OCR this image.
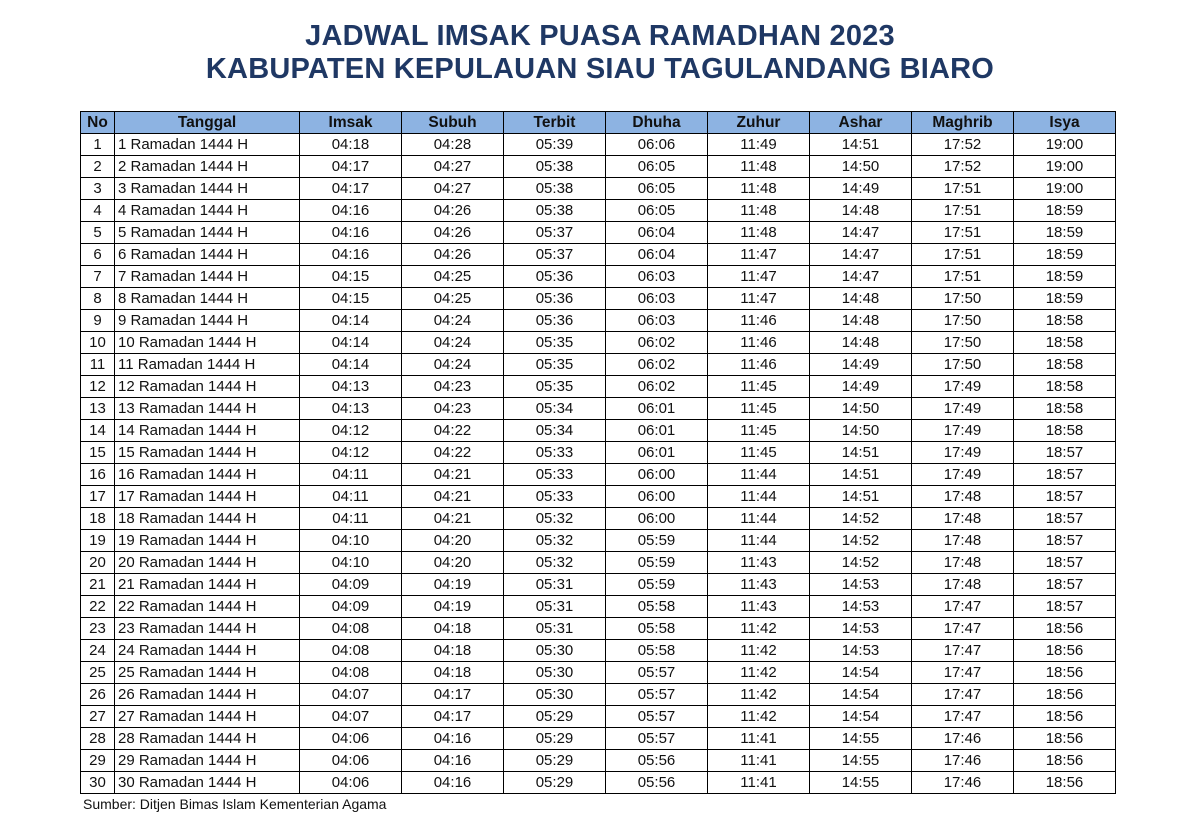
JADWAL IMSAK PUASA RAMADHAN 2023
KABUPATEN KEPULAUAN SIAU TAGULANDANG BIARO
No	Tanggal	Imsak	Subuh	Terbit	Dhuha	Zuhur	Ashar	Maghrib	Isya
1	1 Ramadan 1444 H	04:18	04:28	05:39	06:06	11:49	14:51	17:52	19:00
2	2 Ramadan 1444 H	04:17	04:27	05:38	06:05	11:48	14:50	17:52	19:00
3	3 Ramadan 1444 H	04:17	04:27	05:38	06:05	11:48	14:49	17:51	19:00
4	4 Ramadan 1444 H	04:16	04:26	05:38	06:05	11:48	14:48	17:51	18:59
5	5 Ramadan 1444 H	04:16	04:26	05:37	06:04	11:48	14:47	17:51	18:59
6	6 Ramadan 1444 H	04:16	04:26	05:37	06:04	11:47	14:47	17:51	18:59
7	7 Ramadan 1444 H	04:15	04:25	05:36	06:03	11:47	14:47	17:51	18:59
8	8 Ramadan 1444 H	04:15	04:25	05:36	06:03	11:47	14:48	17:50	18:59
9	9 Ramadan 1444 H	04:14	04:24	05:36	06:03	11:46	14:48	17:50	18:58
10	10 Ramadan 1444 H	04:14	04:24	05:35	06:02	11:46	14:48	17:50	18:58
11	11 Ramadan 1444 H	04:14	04:24	05:35	06:02	11:46	14:49	17:50	18:58
12	12 Ramadan 1444 H	04:13	04:23	05:35	06:02	11:45	14:49	17:49	18:58
13	13 Ramadan 1444 H	04:13	04:23	05:34	06:01	11:45	14:50	17:49	18:58
14	14 Ramadan 1444 H	04:12	04:22	05:34	06:01	11:45	14:50	17:49	18:58
15	15 Ramadan 1444 H	04:12	04:22	05:33	06:01	11:45	14:51	17:49	18:57
16	16 Ramadan 1444 H	04:11	04:21	05:33	06:00	11:44	14:51	17:49	18:57
17	17 Ramadan 1444 H	04:11	04:21	05:33	06:00	11:44	14:51	17:48	18:57
18	18 Ramadan 1444 H	04:11	04:21	05:32	06:00	11:44	14:52	17:48	18:57
19	19 Ramadan 1444 H	04:10	04:20	05:32	05:59	11:44	14:52	17:48	18:57
20	20 Ramadan 1444 H	04:10	04:20	05:32	05:59	11:43	14:52	17:48	18:57
21	21 Ramadan 1444 H	04:09	04:19	05:31	05:59	11:43	14:53	17:48	18:57
22	22 Ramadan 1444 H	04:09	04:19	05:31	05:58	11:43	14:53	17:47	18:57
23	23 Ramadan 1444 H	04:08	04:18	05:31	05:58	11:42	14:53	17:47	18:56
24	24 Ramadan 1444 H	04:08	04:18	05:30	05:58	11:42	14:53	17:47	18:56
25	25 Ramadan 1444 H	04:08	04:18	05:30	05:57	11:42	14:54	17:47	18:56
26	26 Ramadan 1444 H	04:07	04:17	05:30	05:57	11:42	14:54	17:47	18:56
27	27 Ramadan 1444 H	04:07	04:17	05:29	05:57	11:42	14:54	17:47	18:56
28	28 Ramadan 1444 H	04:06	04:16	05:29	05:57	11:41	14:55	17:46	18:56
29	29 Ramadan 1444 H	04:06	04:16	05:29	05:56	11:41	14:55	17:46	18:56
30	30 Ramadan 1444 H	04:06	04:16	05:29	05:56	11:41	14:55	17:46	18:56
Sumber: Ditjen Bimas Islam Kementerian Agama
